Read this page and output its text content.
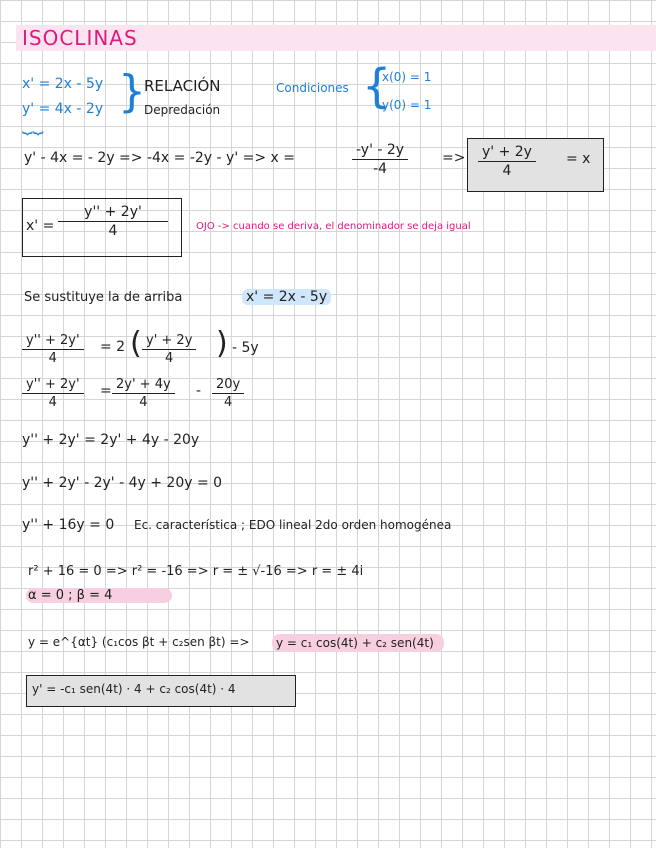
ISOCLINAS
x' = 2x - 5y
y' = 4x - 2y
⏟⏟
}
RELACIÓN
Depredación
Condiciones {
x(0) = 1
y(0) = 1
y' - 4x = - 2y => -4x = -2y - y' => x =	$\frac{-y' - 2y}{-4} => \frac{y' + 2y}{4} = x$
$x' = \frac{y'' + 2y'}{4}$	OJO -> cuando se deriva, el denominador se deja igual
Se sustituye la de arriba	x' = 2x - 5y
$\frac{y'' + 2y'}{4} = 2$ ( $\frac{y' + 2y}{4}$ ) - 5y
$\frac{y'' + 2y'}{4} = \frac{2y' + 4y}{4} - \frac{20y}{4}$
y'' + 2y' = 2y' + 4y - 20y
y'' + 2y' - 2y' - 4y + 20y = 0
y'' + 16y = 0 Ec. característica ; EDO lineal 2do orden homogénea
r² + 16 = 0 => r² = -16 => r = ± √-16 => r = ± 4i
α = 0 ; β = 4
y = e^{αt} (c₁cos βt + c₂sen βt) =>	y = c₁ cos(4t) + c₂ sen(4t)
y' = -c₁ sen(4t) · 4 + c₂ cos(4t) · 4
